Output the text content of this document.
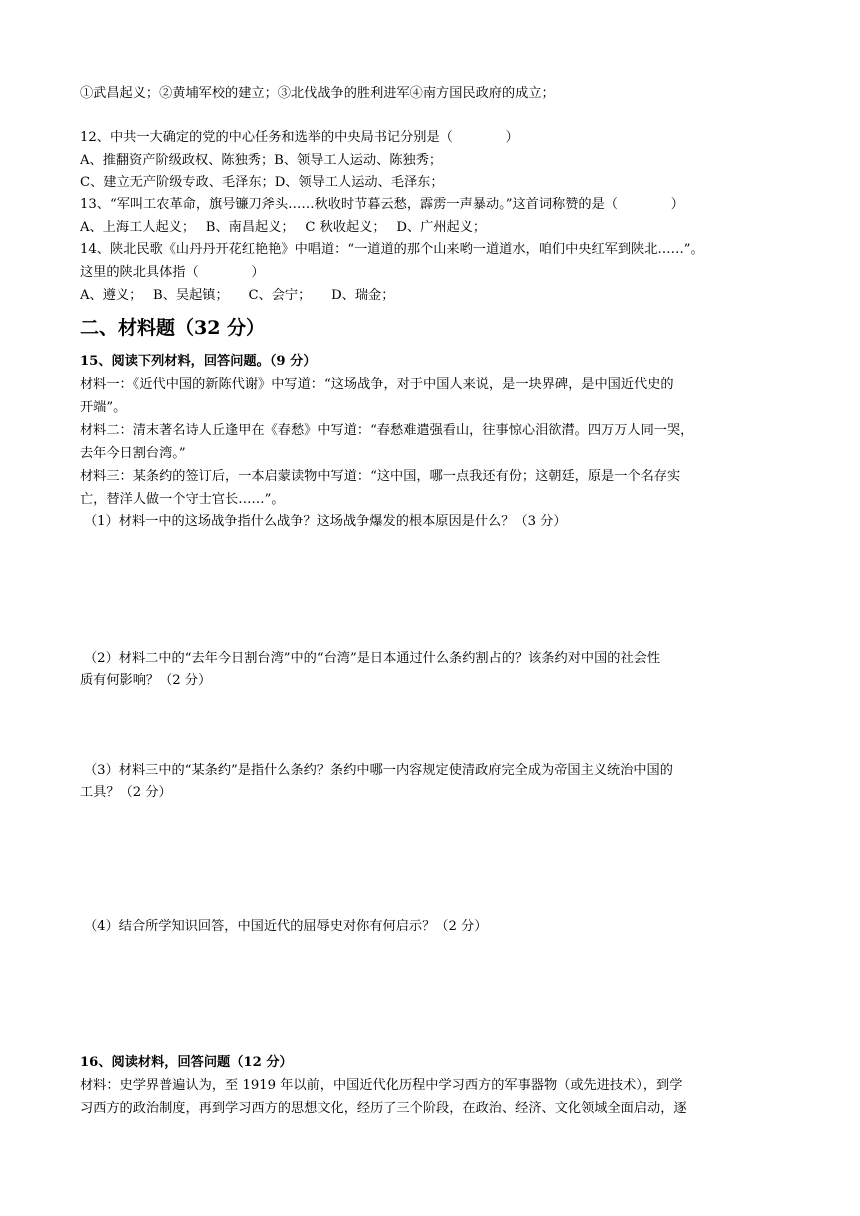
①武昌起义；②黄埔军校的建立；③北伐战争的胜利进军④南方国民政府的成立；
12、中共一大确定的党的中心任务和选举的中央局书记分别是（　　　　）
A、推翻资产阶级政权、陈独秀；B、领导工人运动、陈独秀；
C、建立无产阶级专政、毛泽东；D、领导工人运动、毛泽东；
13、“军叫工农革命，旗号镰刀斧头……秋收时节暮云愁，霹雳一声暴动。”这首词称赞的是（　　　　）
A、上海工人起义；　 B、南昌起义；　 C 秋收起义；　 D、广州起义；
14、陕北民歌《山丹丹开花红艳艳》中唱道：“一道道的那个山来哟一道道水，咱们中央红军到陕北……”。
这里的陕北具体指（　　　　）
A、遵义；　 B、吴起镇；　　C、会宁；　　D、瑞金；
二、材料题（32 分）
15、阅读下列材料，回答问题。（9 分）
材料一：《近代中国的新陈代谢》中写道：“这场战争，对于中国人来说，是一块界碑，是中国近代史的
开端”。
材料二：清末著名诗人丘逢甲在《春愁》中写道：“春愁难遣强看山，往事惊心泪欲潸。四万万人同一哭，
去年今日割台湾。”
材料三：某条约的签订后，一本启蒙读物中写道：“这中国，哪一点我还有份；这朝廷，原是一个名存实
亡，替洋人做一个守士官长……”。
（1）材料一中的这场战争指什么战争？这场战争爆发的根本原因是什么？（3 分）
（2）材料二中的“去年今日割台湾”中的“台湾”是日本通过什么条约割占的？该条约对中国的社会性
质有何影响？（2 分）
（3）材料三中的“某条约”是指什么条约？条约中哪一内容规定使清政府完全成为帝国主义统治中国的
工具？（2 分）
（4）结合所学知识回答，中国近代的屈辱史对你有何启示？（2 分）
16、阅读材料，回答问题（12 分）
材料：史学界普遍认为，至 1919 年以前，中国近代化历程中学习西方的军事器物（或先进技术），到学
习西方的政治制度，再到学习西方的思想文化，经历了三个阶段，在政治、经济、文化领域全面启动，逐
